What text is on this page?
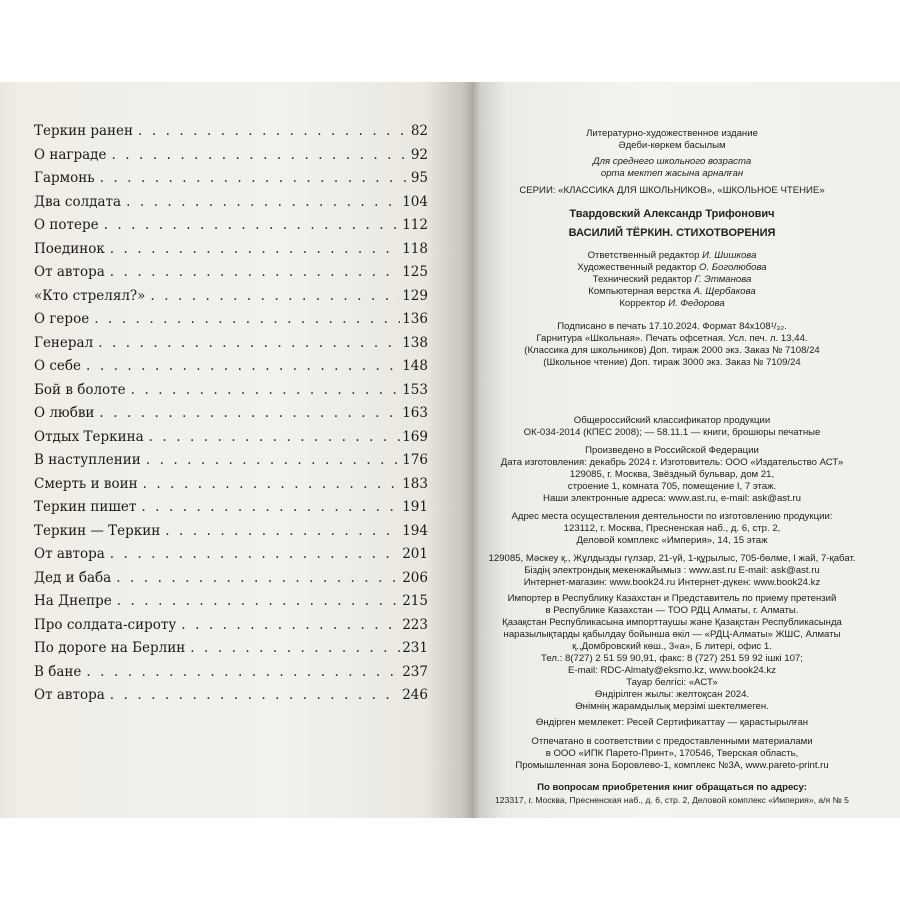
Теркин ранен . . .	82
О награде . . .	92
Гармонь . . .	95
Два солдата . . .	104
О потере . . .	112
Поединок . . .	118
От автора . . .	125
«Кто стрелял?» . . .	129
О герое . . .	136
Генерал . . .	138
О себе . . .	148
Бой в болоте . . .	153
О любви . . .	163
Отдых Теркина . . .	169
В наступлении . . .	176
Смерть и воин . . .	183
Теркин пишет . . .	191
Теркин — Теркин . . .	194
От автора . . .	201
Дед и баба . . .	206
На Днепре . . .	215
Про солдата-сироту . . .	223
По дороге на Берлин . . .	231
В бане . . .	237
От автора . . .	246
Литературно-художественное издание
Әдеби-көркем басылым
Для среднего школьного возраста
орта мектеп жасына арналған
СЕРИИ: «КЛАССИКА ДЛЯ ШКОЛЬНИКОВ», «ШКОЛЬНОЕ ЧТЕНИЕ»
Твардовский Александр Трифонович
ВАСИЛИЙ ТЁРКИН. СТИХОТВОРЕНИЯ
Ответственный редактор И. Шишкова
Художественный редактор О. Боголюбова
Технический редактор Г. Этманова
Компьютерная верстка А. Щербакова
Корректор И. Федорова
Подписано в печать 17.10.2024. Формат 84x108¹/₃₂.
Гарнитура «Школьная». Печать офсетная. Усл. печ. л. 13,44.
(Классика для школьников) Доп. тираж 2000 экз. Заказ № 7108/24
(Школьное чтение) Доп. тираж 3000 экз. Заказ № 7109/24
Общероссийский классификатор продукции
ОК-034-2014 (КПЕС 2008); — 58.11.1 — книги, брошюры печатные
Произведено в Российской Федерации
Дата изготовления: декабрь 2024 г. Изготовитель: ООО «Издательство АСТ»
129085, г. Москва, Звёздный бульвар, дом 21,
строение 1, комната 705, помещение I, 7 этаж.
Наши электронные адреса: www.ast.ru, e-mail: ask@ast.ru
Адрес места осуществления деятельности по изготовлению продукции:
123112, г. Москва, Пресненская наб., д. 6, стр. 2,
Деловой комплекс «Империя», 14, 15 этаж
129085, Мәскеу қ., Жұлдызды гүлзар, 21-үй, 1-құрылыс, 705-бөлме, I жай, 7-қабат.
Біздің электрондық мекенжайымыз : www.ast.ru E-mail: ask@ast.ru
Интернет-магазин: www.book24.ru Интернет-дүкен: www.book24.kz
Импортер в Республику Казахстан и Представитель по приему претензий
в Республике Казахстан — ТОО РДЦ Алматы, г. Алматы.
Қазақстан Республикасына импорттаушы және Қазақстан Республикасында
наразылықтарды қабылдау бойынша өкіл — «РДЦ-Алматы» ЖШС, Алматы
қ.,Домбровский көш., 3«а», Б литері, офис 1.
Тел.: 8(727) 2 51 59 90,91, факс: 8 (727) 251 59 92 ішкі 107;
E-mail: RDC-Almaty@eksmo.kz, www.book24.kz
Тауар белгісі: «АСТ»
Өндірілген жылы: желтоқсан 2024.
Өнімнің жарамдылық мерзімі шектелмеген.
Өндірген мемлекет: Ресей Сертификаттау — қарастырылған
Отпечатано в соответствии с предоставленными материалами
в ООО «ИПК Парето-Принт», 170546, Тверская область,
Промышленная зона Боровлево-1, комплекс №3А, www.pareto-print.ru
По вопросам приобретения книг обращаться по адресу:
123317, г. Москва, Пресненская наб., д. 6, стр. 2, Деловой комплекс «Империя», а/я № 5
